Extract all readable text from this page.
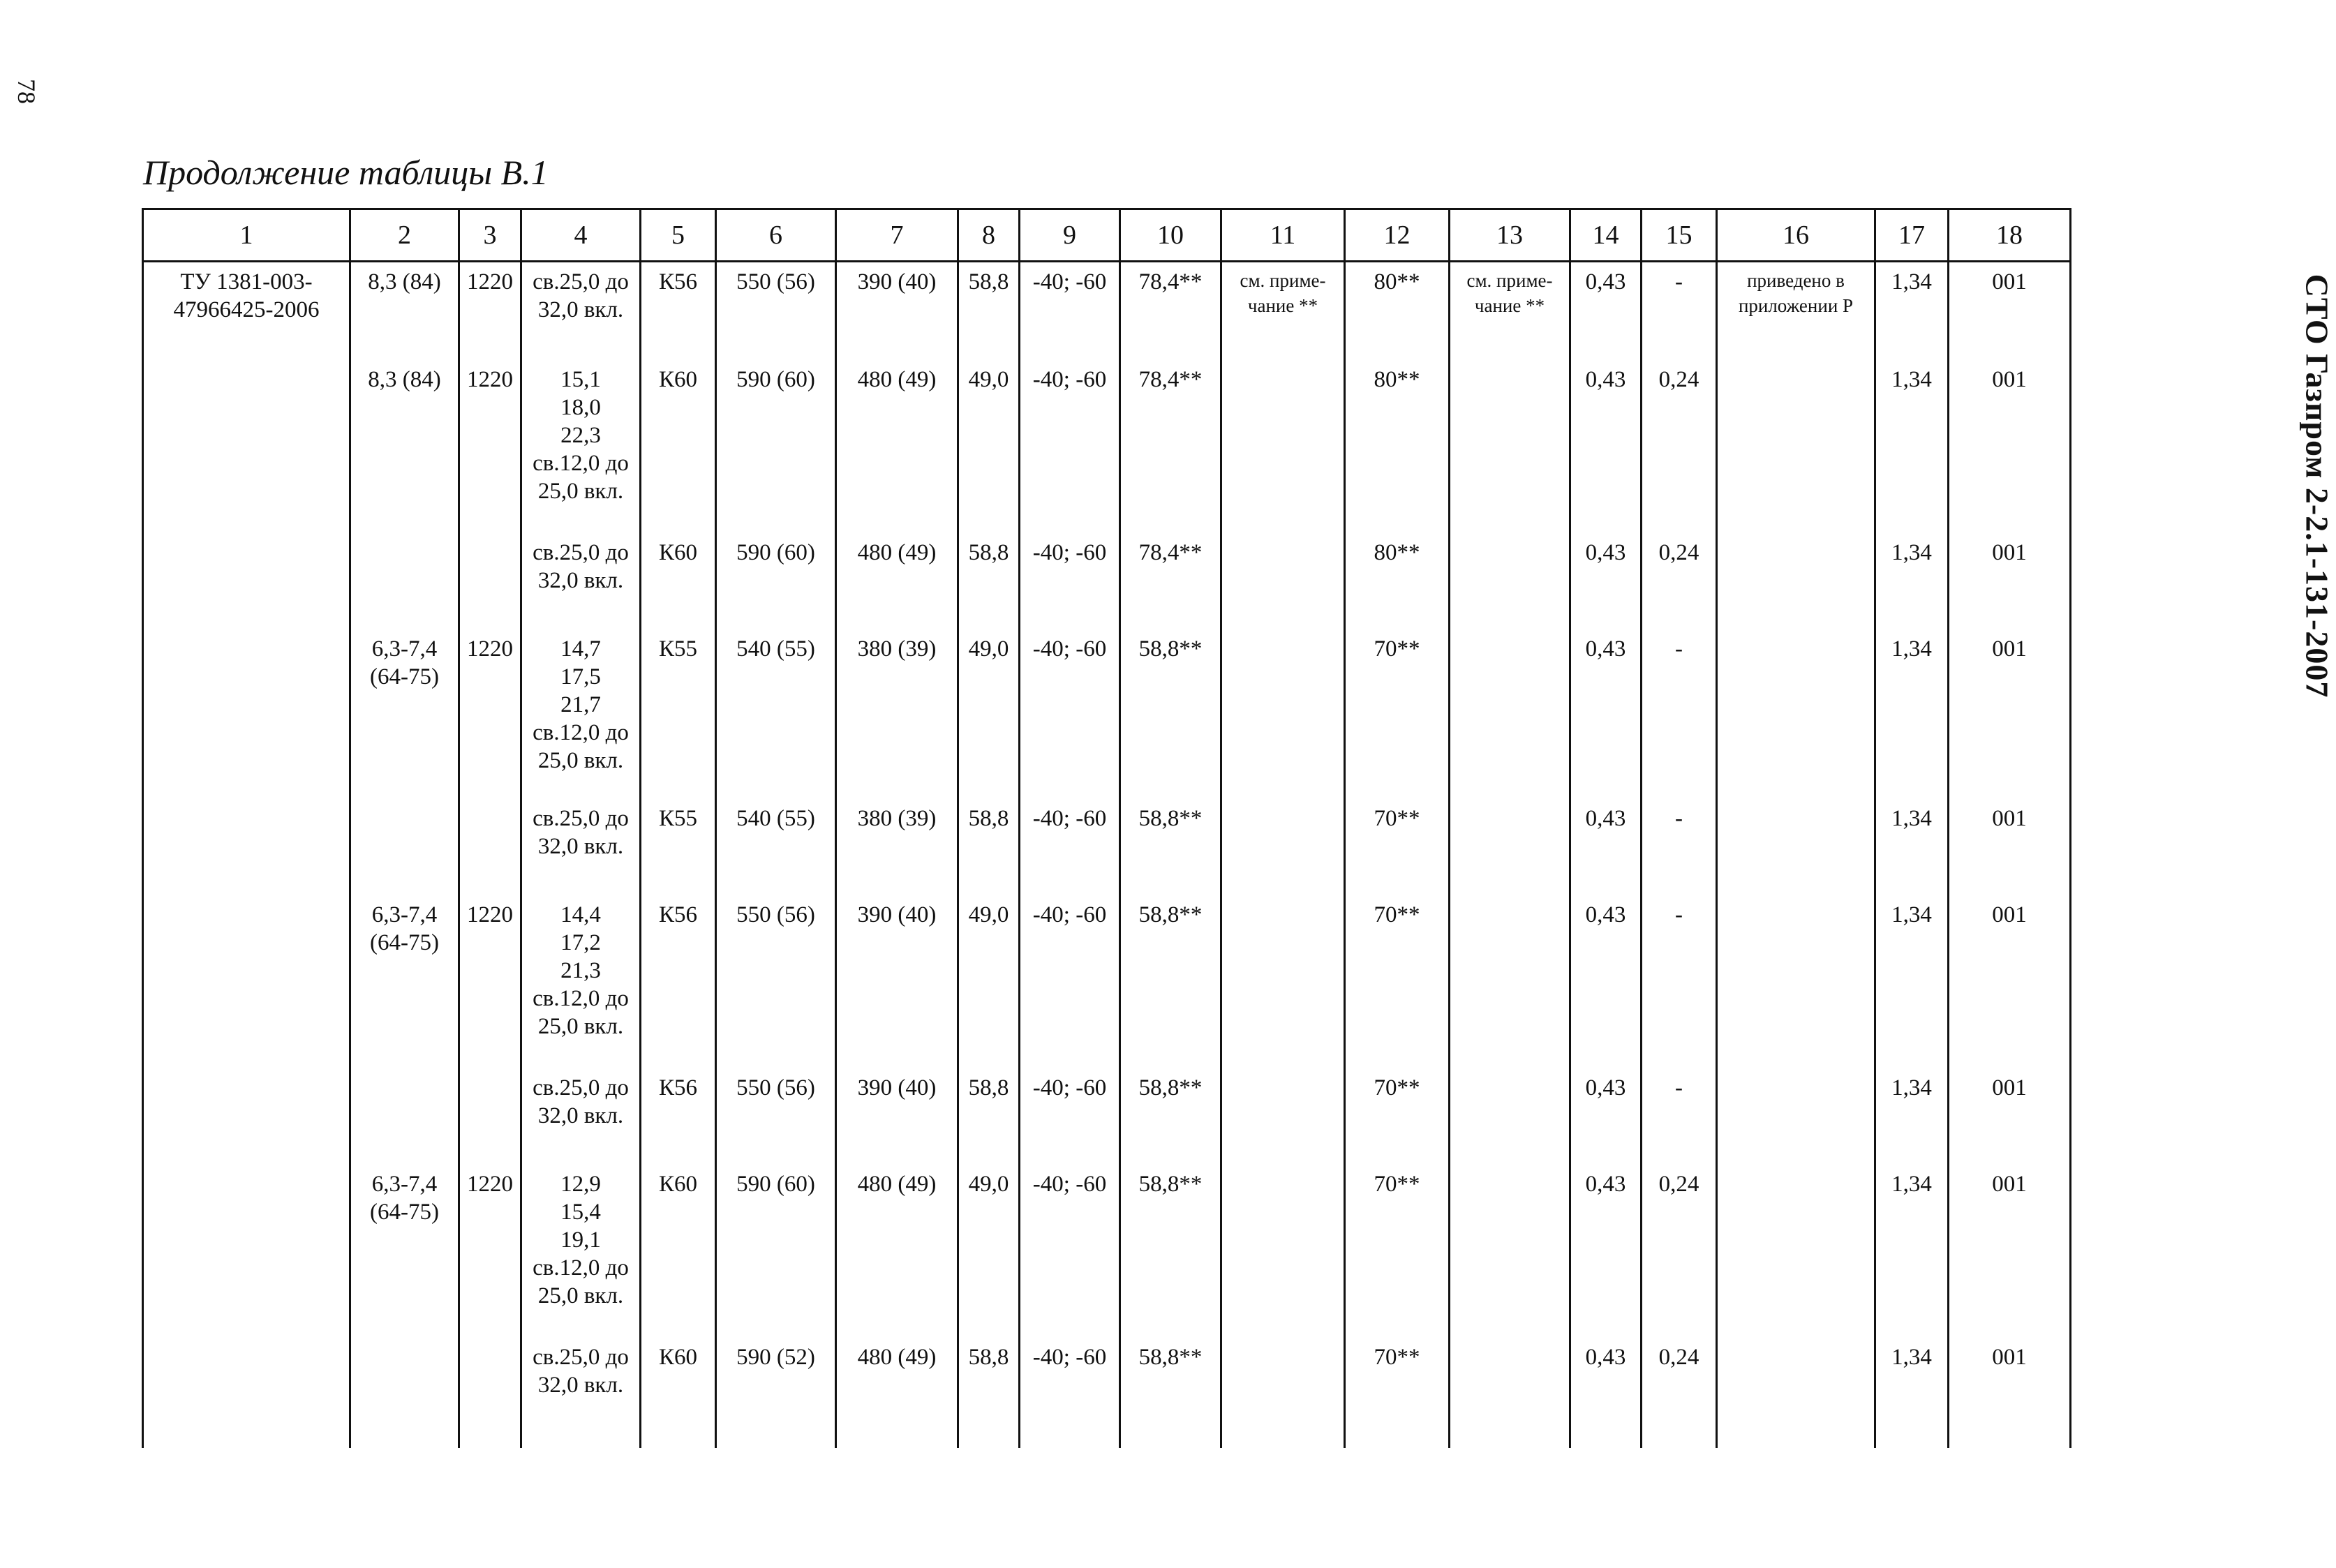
78
СТО Газпром 2-2.1-131-2007
Продолжение таблицы В.1
1	2	3	4	5	6	7	8	9	10	11	12	13	14	15	16	17	18
ТУ 1381-003-47966425-2006	8,3 (84)	1220	св.25,0 до 32,0 вкл.	К56	550 (56)	390 (40)	58,8	-40; -60	78,4**	см. приме-чание **	80**	см. приме-чание **	0,43	-	приведено в приложении Р	1,34	001
	8,3 (84)	1220	15,1
18,0
22,3
св.12,0 до 25,0 вкл.	К60	590 (60)	480 (49)	49,0	-40; -60	78,4**		80**		0,43	0,24		1,34	001
			св.25,0 до 32,0 вкл.	К60	590 (60)	480 (49)	58,8	-40; -60	78,4**		80**		0,43	0,24		1,34	001
	6,3-7,4 (64-75)	1220	14,7
17,5
21,7
св.12,0 до 25,0 вкл.	К55	540 (55)	380 (39)	49,0	-40; -60	58,8**		70**		0,43	-		1,34	001
			св.25,0 до 32,0 вкл.	К55	540 (55)	380 (39)	58,8	-40; -60	58,8**		70**		0,43	-		1,34	001
	6,3-7,4 (64-75)	1220	14,4
17,2
21,3
св.12,0 до 25,0 вкл.	К56	550 (56)	390 (40)	49,0	-40; -60	58,8**		70**		0,43	-		1,34	001
			св.25,0 до 32,0 вкл.	К56	550 (56)	390 (40)	58,8	-40; -60	58,8**		70**		0,43	-		1,34	001
	6,3-7,4 (64-75)	1220	12,9
15,4
19,1
св.12,0 до 25,0 вкл.	К60	590 (60)	480 (49)	49,0	-40; -60	58,8**		70**		0,43	0,24		1,34	001
			св.25,0 до 32,0 вкл.	К60	590 (52)	480 (49)	58,8	-40; -60	58,8**		70**		0,43	0,24		1,34	001
